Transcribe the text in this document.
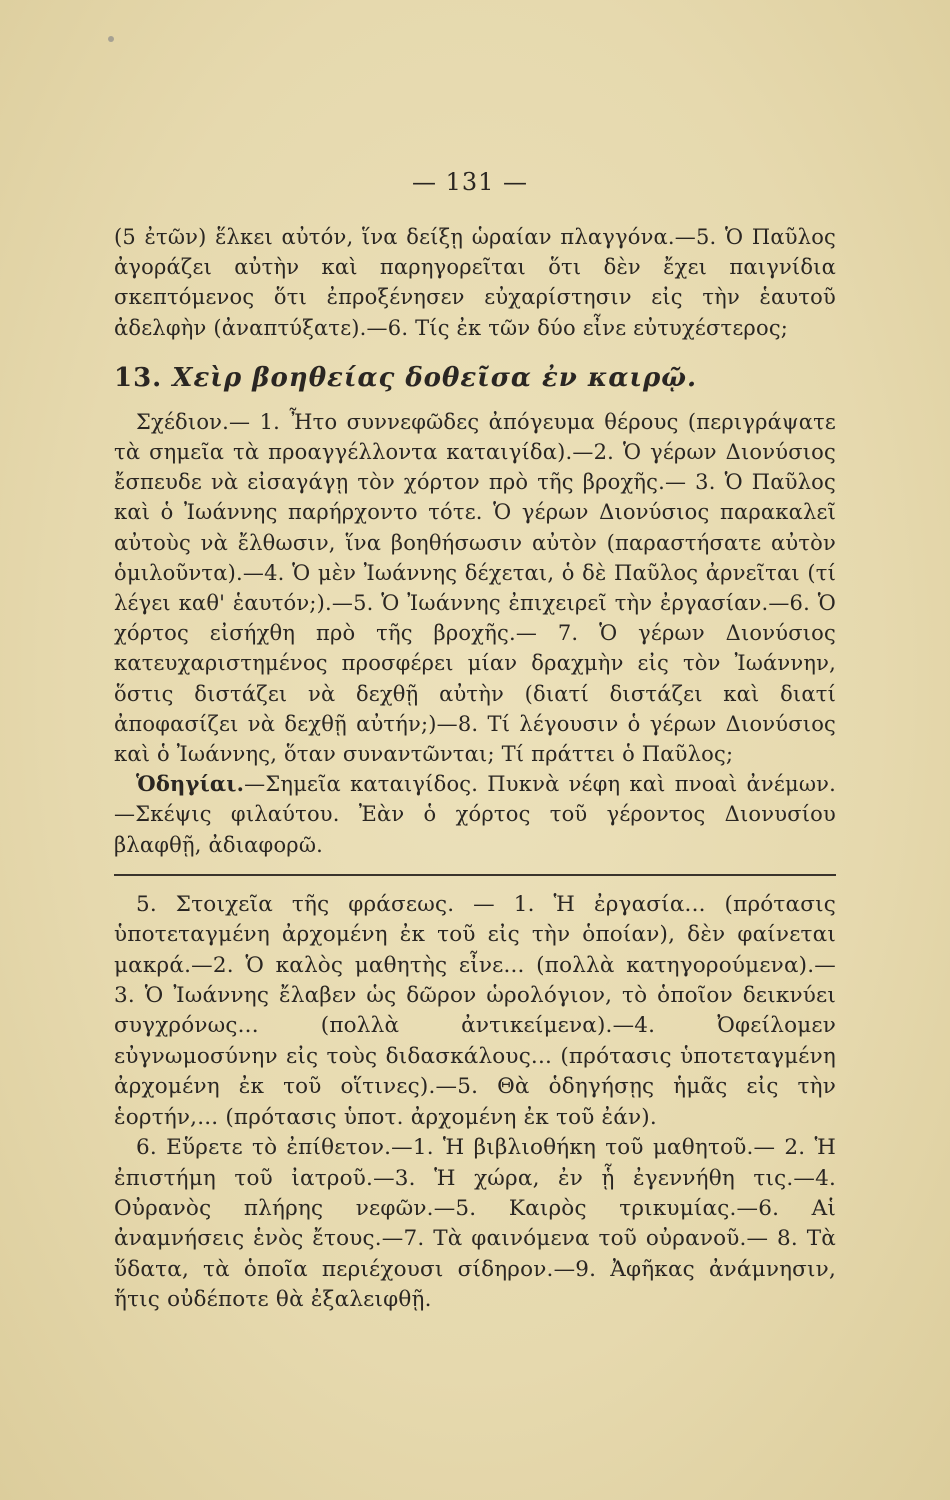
— 131 —

(5 ἐτῶν) ἕλκει αὐτόν, ἵνα δείξῃ ὡραίαν πλαγγόνα.—5. Ὁ Παῦλος ἀγοράζει αὐτὴν καὶ παρηγορεῖται ὅτι δὲν ἔχει παιγνίδια σκεπτόμενος ὅτι ἐπροξένησεν εὐχαρίστησιν εἰς τὴν ἑαυτοῦ ἀδελφὴν (ἀναπτύξατε).—6. Τίς ἐκ τῶν δύο εἶνε εὐτυχέστερος;

13. Χεὶρ βοηθείας δοθεῖσα ἐν καιρῷ.

Σχέδιον.— 1. Ἦτο συννεφῶδες ἀπόγευμα θέρους (περιγράψατε τὰ σημεῖα τὰ προαγγέλλοντα καταιγίδα).—2. Ὁ γέρων Διονύσιος ἔσπευδε νὰ εἰσαγάγῃ τὸν χόρτον πρὸ τῆς βροχῆς.— 3. Ὁ Παῦλος καὶ ὁ Ἰωάννης παρήρχοντο τότε. Ὁ γέρων Διονύσιος παρακαλεῖ αὐτοὺς νὰ ἔλθωσιν, ἵνα βοηθήσωσιν αὐτὸν (παραστήσατε αὐτὸν ὁμιλοῦντα).—4. Ὁ μὲν Ἰωάννης δέχεται, ὁ δὲ Παῦλος ἀρνεῖται (τί λέγει καθ' ἑαυτόν;).—5. Ὁ Ἰωάννης ἐπιχειρεῖ τὴν ἐργασίαν.—6. Ὁ χόρτος εἰσήχθη πρὸ τῆς βροχῆς.— 7. Ὁ γέρων Διονύσιος κατευχαριστημένος προσφέρει μίαν δραχμὴν εἰς τὸν Ἰωάννην, ὅστις διστάζει νὰ δεχθῇ αὐτὴν (διατί διστάζει καὶ διατί ἀποφασίζει νὰ δεχθῇ αὐτήν;)—8. Τί λέγουσιν ὁ γέρων Διονύσιος καὶ ὁ Ἰωάννης, ὅταν συναντῶνται; Τί πράττει ὁ Παῦλος;

Ὁδηγίαι.—Σημεῖα καταιγίδος. Πυκνὰ νέφη καὶ πνοαὶ ἀνέμων.—Σκέψις φιλαύτου. Ἐὰν ὁ χόρτος τοῦ γέροντος Διονυσίου βλαφθῇ, ἀδιαφορῶ.

5. Στοιχεῖα τῆς φράσεως. — 1. Ἡ ἐργασία... (πρότασις ὑποτεταγμένη ἀρχομένη ἐκ τοῦ εἰς τὴν ὁποίαν), δὲν φαίνεται μακρά.—2. Ὁ καλὸς μαθητὴς εἶνε... (πολλὰ κατηγορούμενα).— 3. Ὁ Ἰωάννης ἔλαβεν ὡς δῶρον ὡρολόγιον, τὸ ὁποῖον δεικνύει συγχρόνως... (πολλὰ ἀντικείμενα).—4. Ὀφείλομεν εὐγνωμοσύνην εἰς τοὺς διδασκάλους... (πρότασις ὑποτεταγμένη ἀρχομένη ἐκ τοῦ οἵτινες).—5. Θὰ ὁδηγήσῃς ἡμᾶς εἰς τὴν ἑορτήν,... (πρότασις ὑποτ. ἀρχομένη ἐκ τοῦ ἐάν).

6. Εὕρετε τὸ ἐπίθετον.—1. Ἡ βιβλιοθήκη τοῦ μαθητοῦ.— 2. Ἡ ἐπιστήμη τοῦ ἰατροῦ.—3. Ἡ χώρα, ἐν ᾗ ἐγεννήθη τις.—4. Οὐρανὸς πλήρης νεφῶν.—5. Καιρὸς τρικυμίας.—6. Αἱ ἀναμνήσεις ἑνὸς ἔτους.—7. Τὰ φαινόμενα τοῦ οὐρανοῦ.— 8. Τὰ ὕδατα, τὰ ὁποῖα περιέχουσι σίδηρον.—9. Ἀφῆκας ἀνάμνησιν, ἥτις οὐδέποτε θὰ ἐξαλειφθῇ.
